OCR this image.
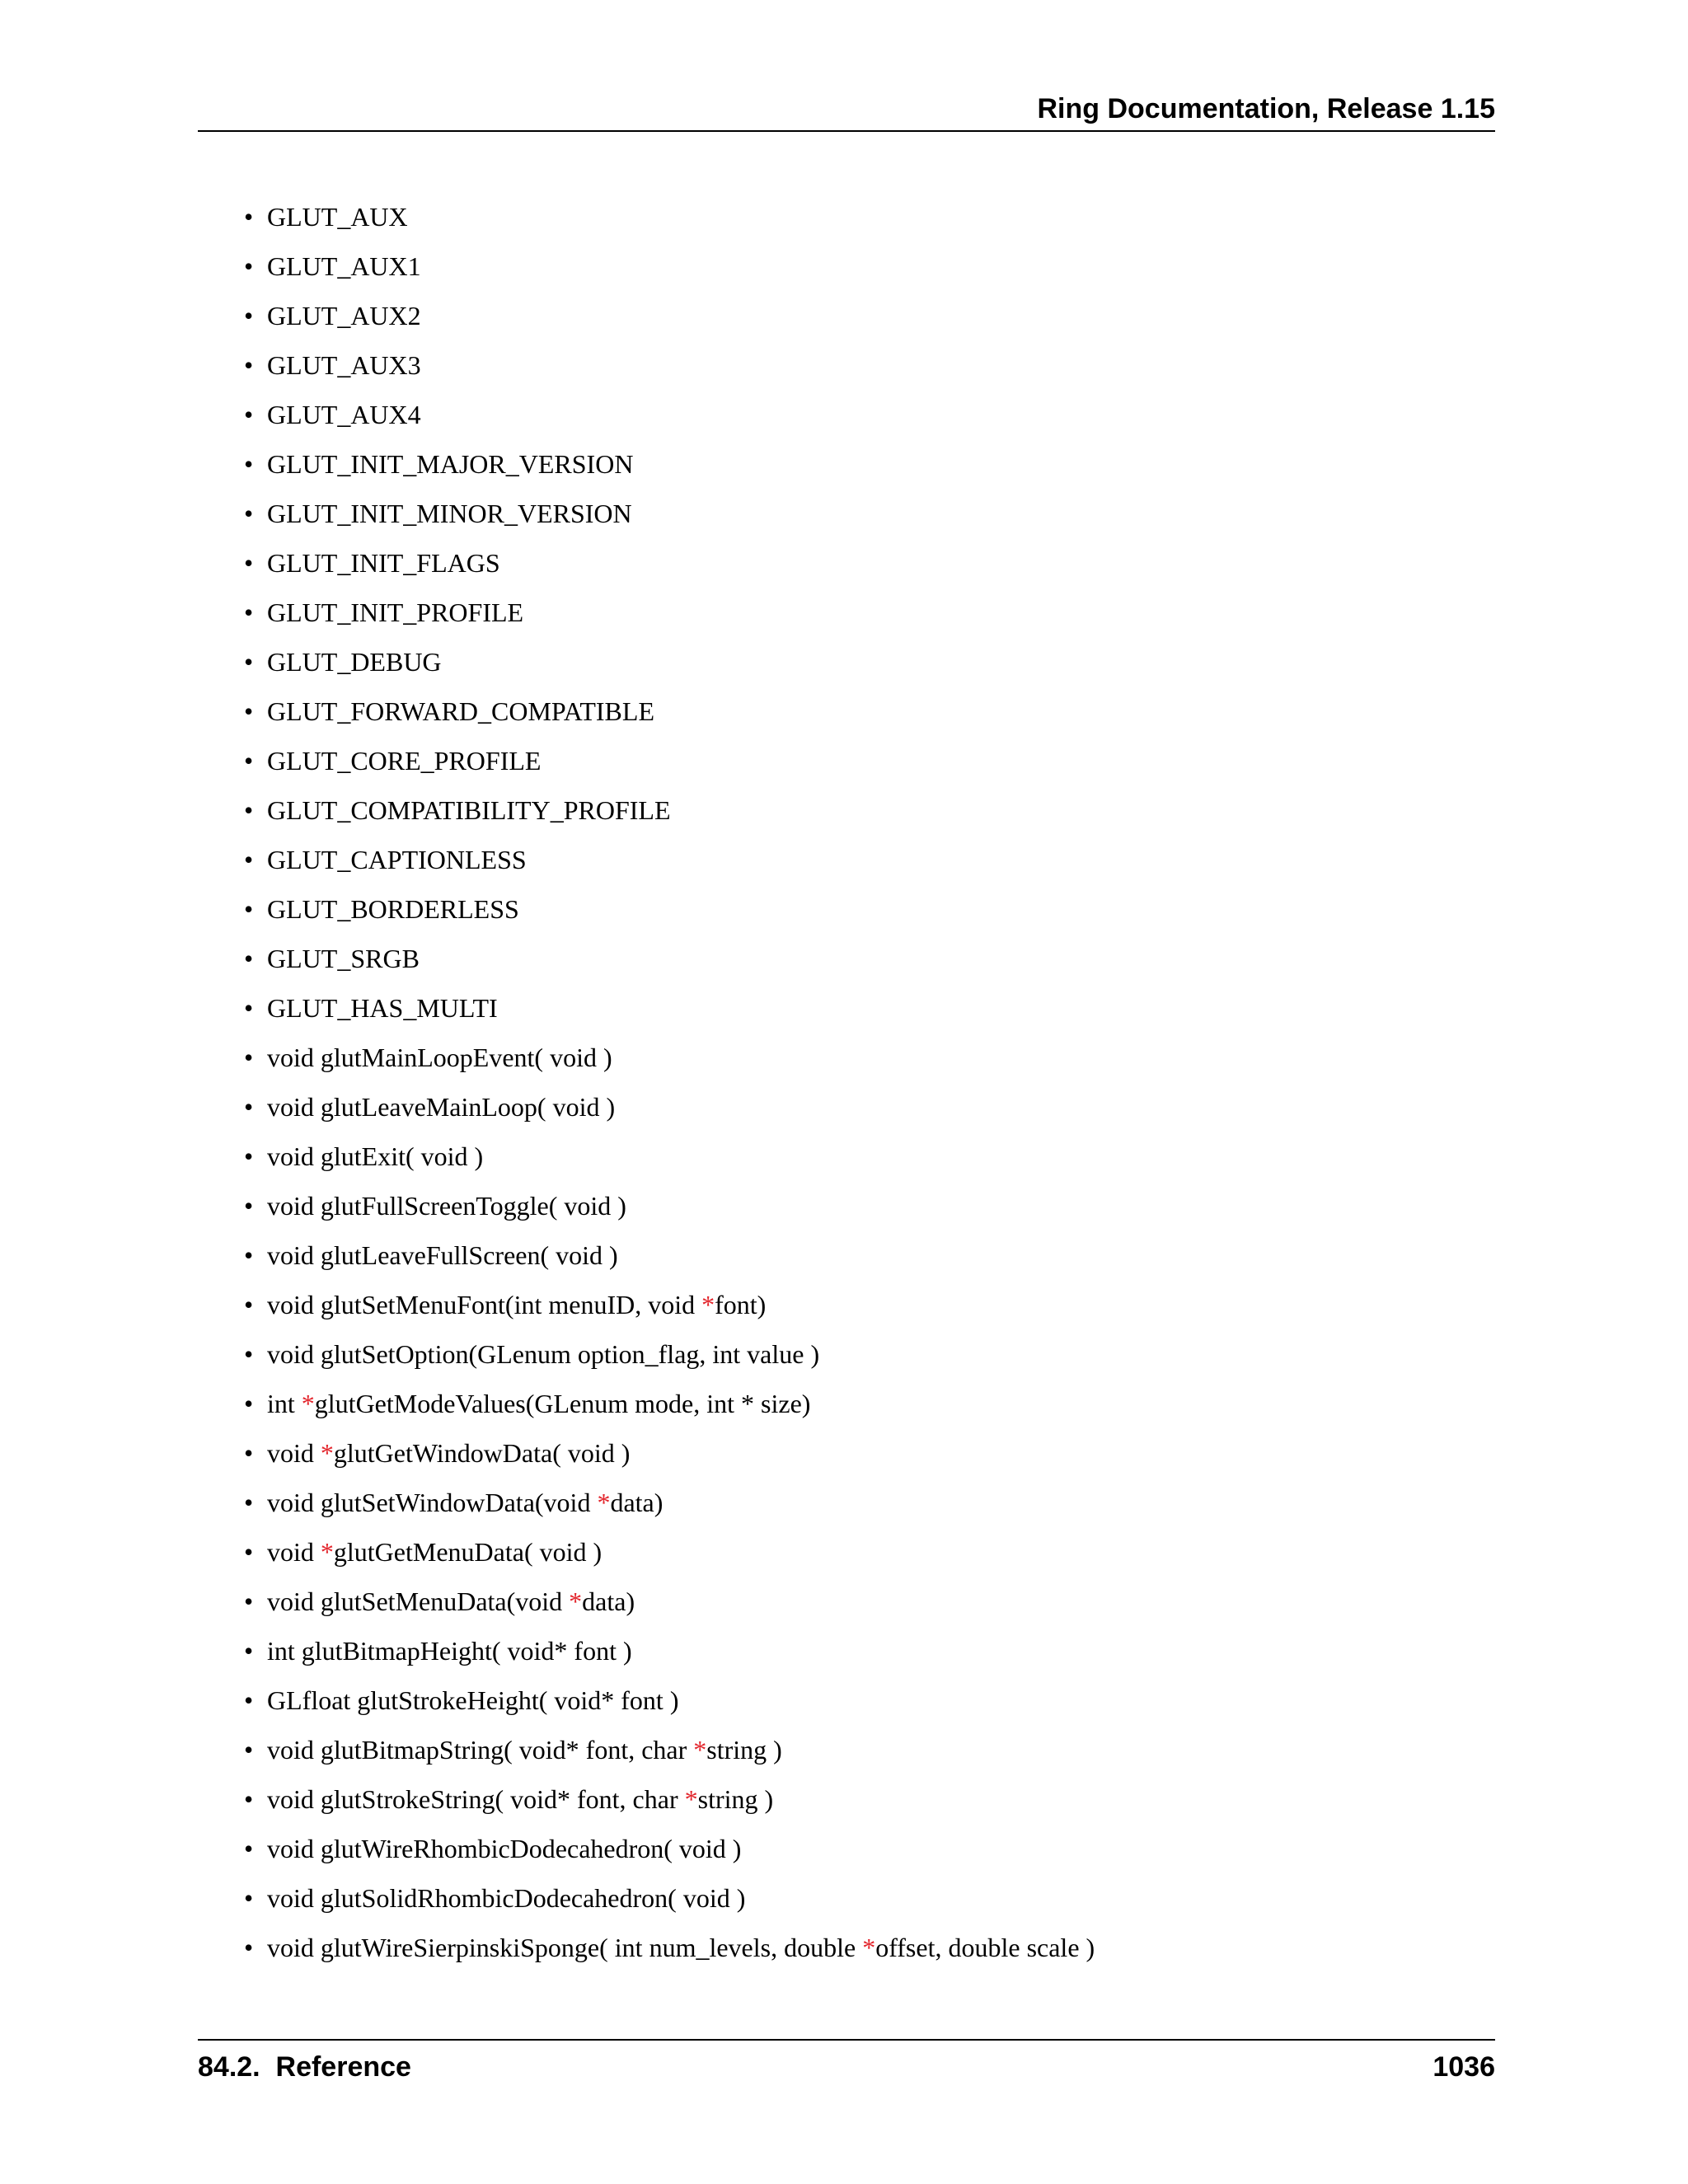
Ring Documentation, Release 1.15
• GLUT_AUX
• GLUT_AUX1
• GLUT_AUX2
• GLUT_AUX3
• GLUT_AUX4
• GLUT_INIT_MAJOR_VERSION
• GLUT_INIT_MINOR_VERSION
• GLUT_INIT_FLAGS
• GLUT_INIT_PROFILE
• GLUT_DEBUG
• GLUT_FORWARD_COMPATIBLE
• GLUT_CORE_PROFILE
• GLUT_COMPATIBILITY_PROFILE
• GLUT_CAPTIONLESS
• GLUT_BORDERLESS
• GLUT_SRGB
• GLUT_HAS_MULTI
• void glutMainLoopEvent( void )
• void glutLeaveMainLoop( void )
• void glutExit( void )
• void glutFullScreenToggle( void )
• void glutLeaveFullScreen( void )
• void glutSetMenuFont(int menuID, void *font)
• void glutSetOption(GLenum option_flag, int value )
• int *glutGetModeValues(GLenum mode, int * size)
• void *glutGetWindowData( void )
• void glutSetWindowData(void *data)
• void *glutGetMenuData( void )
• void glutSetMenuData(void *data)
• int glutBitmapHeight( void* font )
• GLfloat glutStrokeHeight( void* font )
• void glutBitmapString( void* font, char *string )
• void glutStrokeString( void* font, char *string )
• void glutWireRhombicDodecahedron( void )
• void glutSolidRhombicDodecahedron( void )
• void glutWireSierpinskiSponge( int num_levels, double *offset, double scale )
84.2.  Reference	1036
